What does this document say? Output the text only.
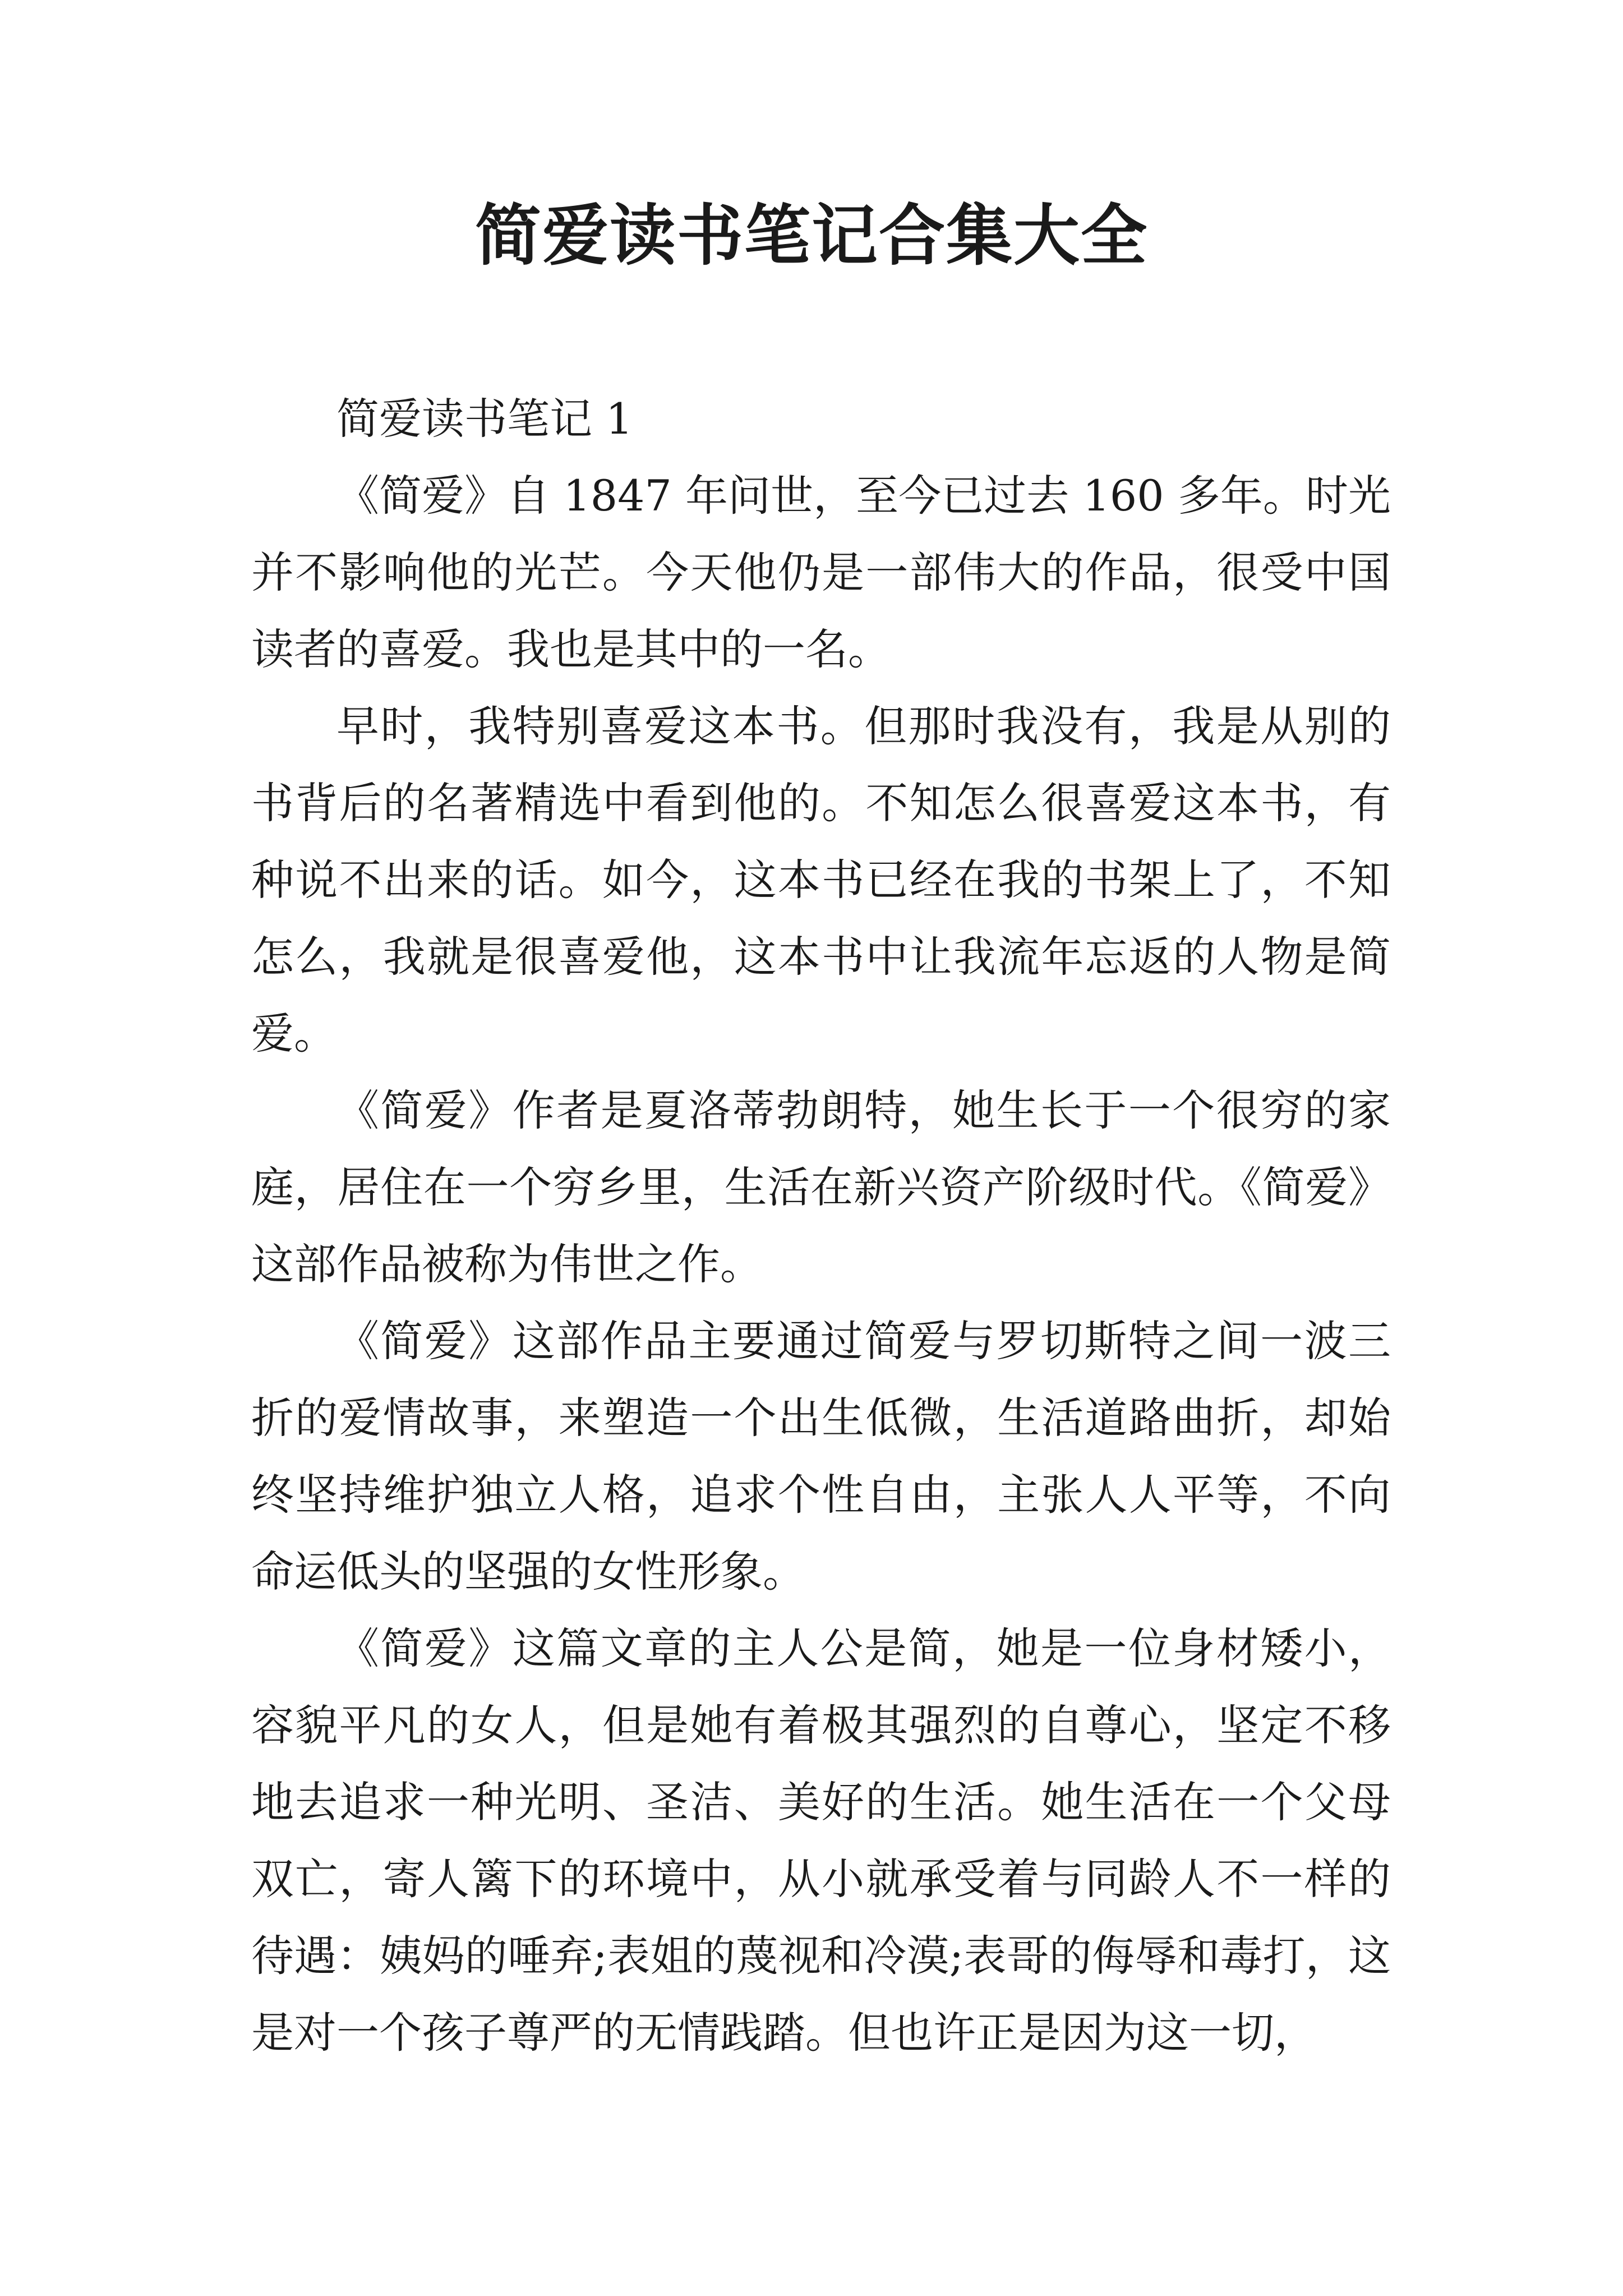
简爱读书笔记合集大全

简爱读书笔记 1

《简爱》自 1847 年问世，至今已过去 160 多年。时光并不影响他的光芒。今天他仍是一部伟大的作品，很受中国读者的喜爱。我也是其中的一名。

早时，我特别喜爱这本书。但那时我没有，我是从别的书背后的名著精选中看到他的。不知怎么很喜爱这本书，有种说不出来的话。如今，这本书已经在我的书架上了，不知怎么，我就是很喜爱他，这本书中让我流年忘返的人物是简爱。

《简爱》作者是夏洛蒂勃朗特，她生长于一个很穷的家庭，居住在一个穷乡里，生活在新兴资产阶级时代。《简爱》这部作品被称为伟世之作。

《简爱》这部作品主要通过简爱与罗切斯特之间一波三折的爱情故事，来塑造一个出生低微，生活道路曲折，却始终坚持维护独立人格，追求个性自由，主张人人平等，不向命运低头的坚强的女性形象。

《简爱》这篇文章的主人公是简，她是一位身材矮小，容貌平凡的女人，但是她有着极其强烈的自尊心，坚定不移地去追求一种光明、圣洁、美好的生活。她生活在一个父母双亡，寄人篱下的环境中，从小就承受着与同龄人不一样的待遇：姨妈的唾弃;表姐的蔑视和冷漠;表哥的侮辱和毒打，这是对一个孩子尊严的无情践踏。但也许正是因为这一切，
